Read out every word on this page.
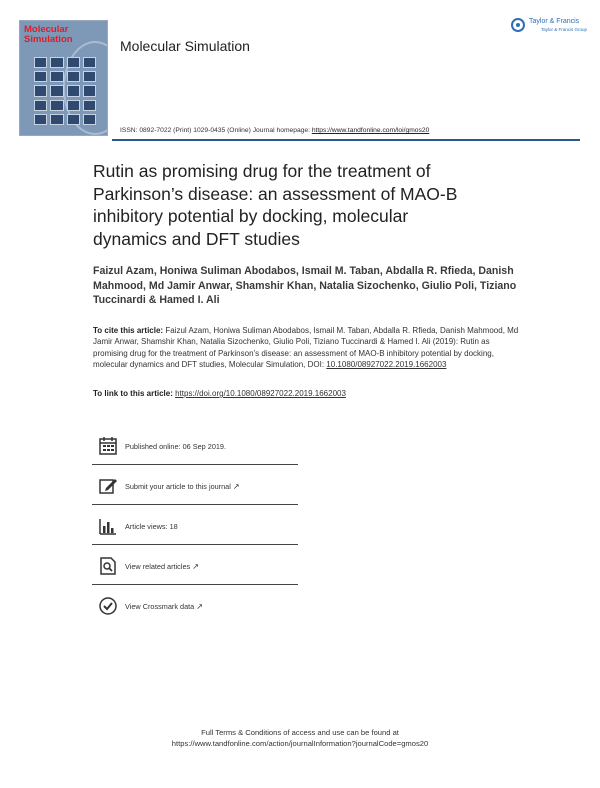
Molecular Simulation	Molecular Simulation
Taylor & Francis
Taylor & Francis Group
ISSN: 0892-7022 (Print) 1029-0435 (Online) Journal homepage: https://www.tandfonline.com/loi/gmos20
Rutin as promising drug for the treatment of Parkinson’s disease: an assessment of MAO-B inhibitory potential by docking, molecular dynamics and DFT studies
Faizul Azam, Honiwa Suliman Abodabos, Ismail M. Taban, Abdalla R. Rfieda, Danish Mahmood, Md Jamir Anwar, Shamshir Khan, Natalia Sizochenko, Giulio Poli, Tiziano Tuccinardi & Hamed I. Ali
To cite this article: Faizul Azam, Honiwa Suliman Abodabos, Ismail M. Taban, Abdalla R. Rfieda, Danish Mahmood, Md Jamir Anwar, Shamshir Khan, Natalia Sizochenko, Giulio Poli, Tiziano Tuccinardi & Hamed I. Ali (2019): Rutin as promising drug for the treatment of Parkinson’s disease: an assessment of MAO-B inhibitory potential by docking, molecular dynamics and DFT studies, Molecular Simulation, DOI: 10.1080/08927022.2019.1662003
To link to this article: https://doi.org/10.1080/08927022.2019.1662003
Published online: 06 Sep 2019.
Submit your article to this journal ↗
Article views: 18
View related articles ↗
View Crossmark data ↗
Full Terms & Conditions of access and use can be found at
https://www.tandfonline.com/action/journalInformation?journalCode=gmos20
